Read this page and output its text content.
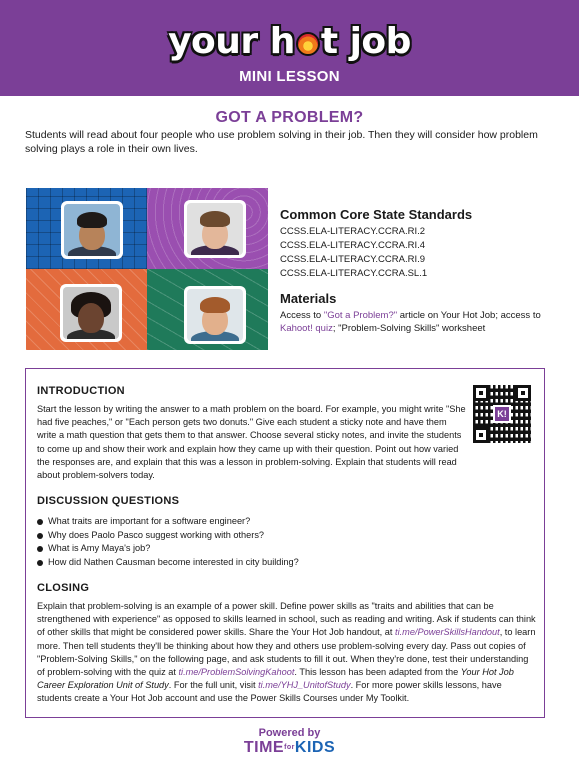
your h t job
MINI LESSON
GOT A PROBLEM?
Students will read about four people who use problem solving in their job. Then they will consider how problem solving plays a role in their own lives.
Common Core State Standards
CCSS.ELA-LITERACY.CCRA.RI.2
CCSS.ELA-LITERACY.CCRA.RI.4
CCSS.ELA-LITERACY.CCRA.RI.9
CCSS.ELA-LITERACY.CCRA.SL.1
Materials
Access to "Got a Problem?" article on Your Hot Job; access to Kahoot! quiz; "Problem-Solving Skills" worksheet
INTRODUCTION
Start the lesson by writing the answer to a math problem on the board. For example, you might write "She had five peaches," or "Each person gets two donuts." Give each student a sticky note and have them write a math question that gets them to that answer. Choose several sticky notes, and invite the students to come up and show their work and explain how they came up with their question. Point out how varied the responses are, and explain that this was a lesson in problem-solving. Explain that students will read about problem-solvers today.
K!
DISCUSSION QUESTIONS
What traits are important for a software engineer?
Why does Paolo Pasco suggest working with others?
What is Amy Maya's job?
How did Nathen Causman become interested in city building?
CLOSING
Explain that problem-solving is an example of a power skill. Define power skills as "traits and abilities that can be strengthened with experience" as opposed to skills learned in school, such as reading and writing. Ask if students can think of other skills that might be considered power skills. Share the Your Hot Job handout, at ti.me/PowerSkillsHandout, to learn more. Then tell students they'll be thinking about how they and others use problem-solving every day. Pass out copies of "Problem-Solving Skills," on the following page, and ask students to fill it out. When they're done, test their understanding of problem-solving with the quiz at ti.me/ProblemSolvingKahoot. This lesson has been adapted from the Your Hot Job Career Exploration Unit of Study. For the full unit, visit ti.me/YHJ_UnitofStudy. For more power skills lessons, have students create a Your Hot Job account and use the Power Skills Courses under My Toolkit.
Powered by
TIMEforKIDS
